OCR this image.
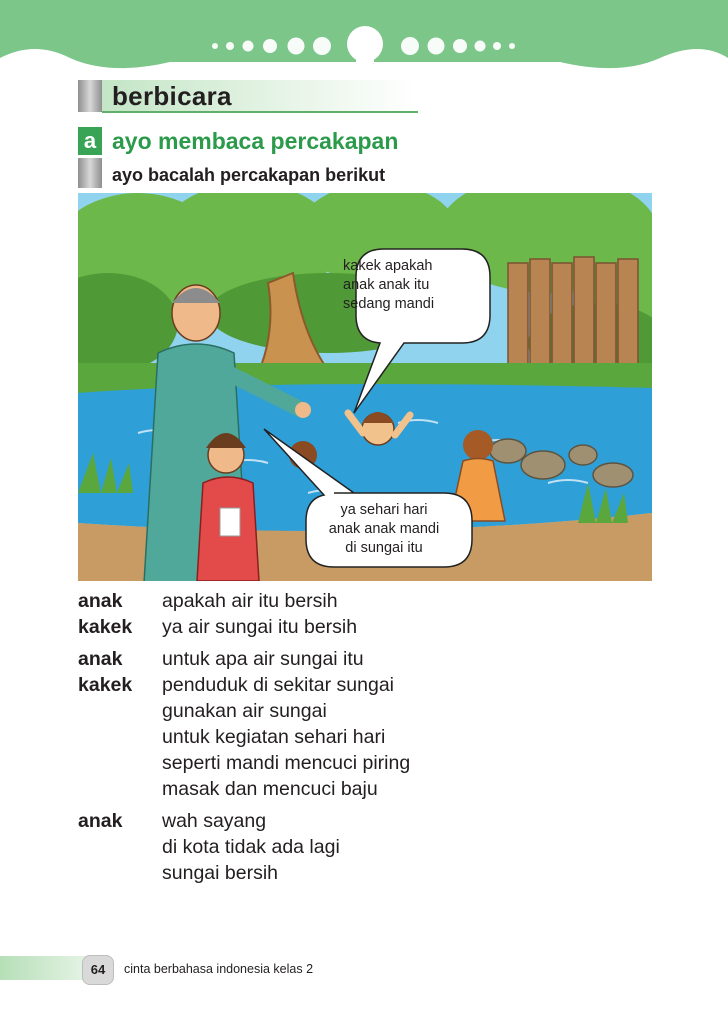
berbicara
a ayo membaca percakapan
ayo bacalah percakapan berikut
kakek apakah
anak anak itu
sedang mandi
ya sehari hari
anak anak mandi
di sungai itu
anak	apakah air itu bersih
kakek	ya air sungai itu bersih
anak	untuk apa air sungai itu
kakek	penduduk di sekitar sungai
gunakan air sungai
untuk kegiatan sehari hari
seperti mandi mencuci piring
masak dan mencuci baju
anak	wah sayang
di kota tidak ada lagi
sungai bersih
64	cinta berbahasa indonesia kelas 2
